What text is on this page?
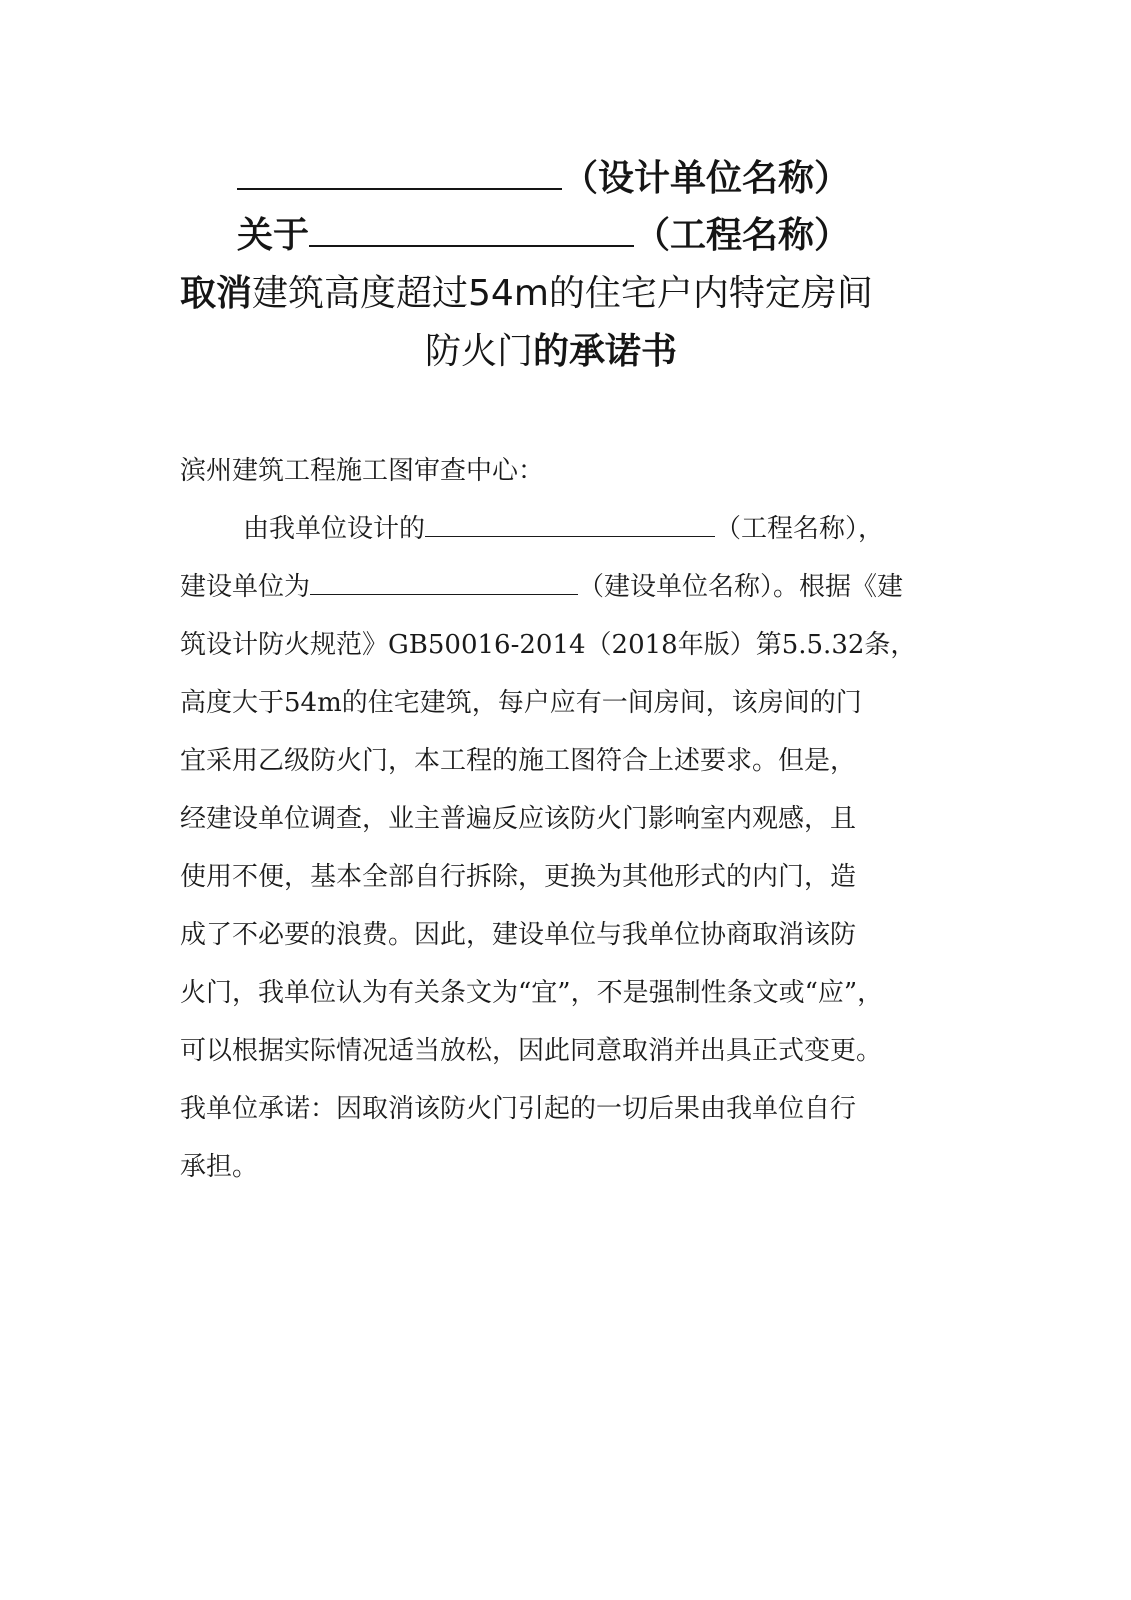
（设计单位名称）
关于	（工程名称）
取消建筑高度超过54m的住宅户内特定房间
防火门的承诺书
滨州建筑工程施工图审查中心：
由我单位设计的	（工程名称），
建设单位为	（建设单位名称）。根据《建
筑设计防火规范》GB50016-2014（2018年版）第5.5.32条，
高度大于54m的住宅建筑，每户应有一间房间，该房间的门
宜采用乙级防火门，本工程的施工图符合上述要求。但是，
经建设单位调查，业主普遍反应该防火门影响室内观感，且
使用不便，基本全部自行拆除，更换为其他形式的内门，造
成了不必要的浪费。因此，建设单位与我单位协商取消该防
火门，我单位认为有关条文为“宜”，不是强制性条文或“应”，
可以根据实际情况适当放松，因此同意取消并出具正式变更。
我单位承诺：因取消该防火门引起的一切后果由我单位自行
承担。
